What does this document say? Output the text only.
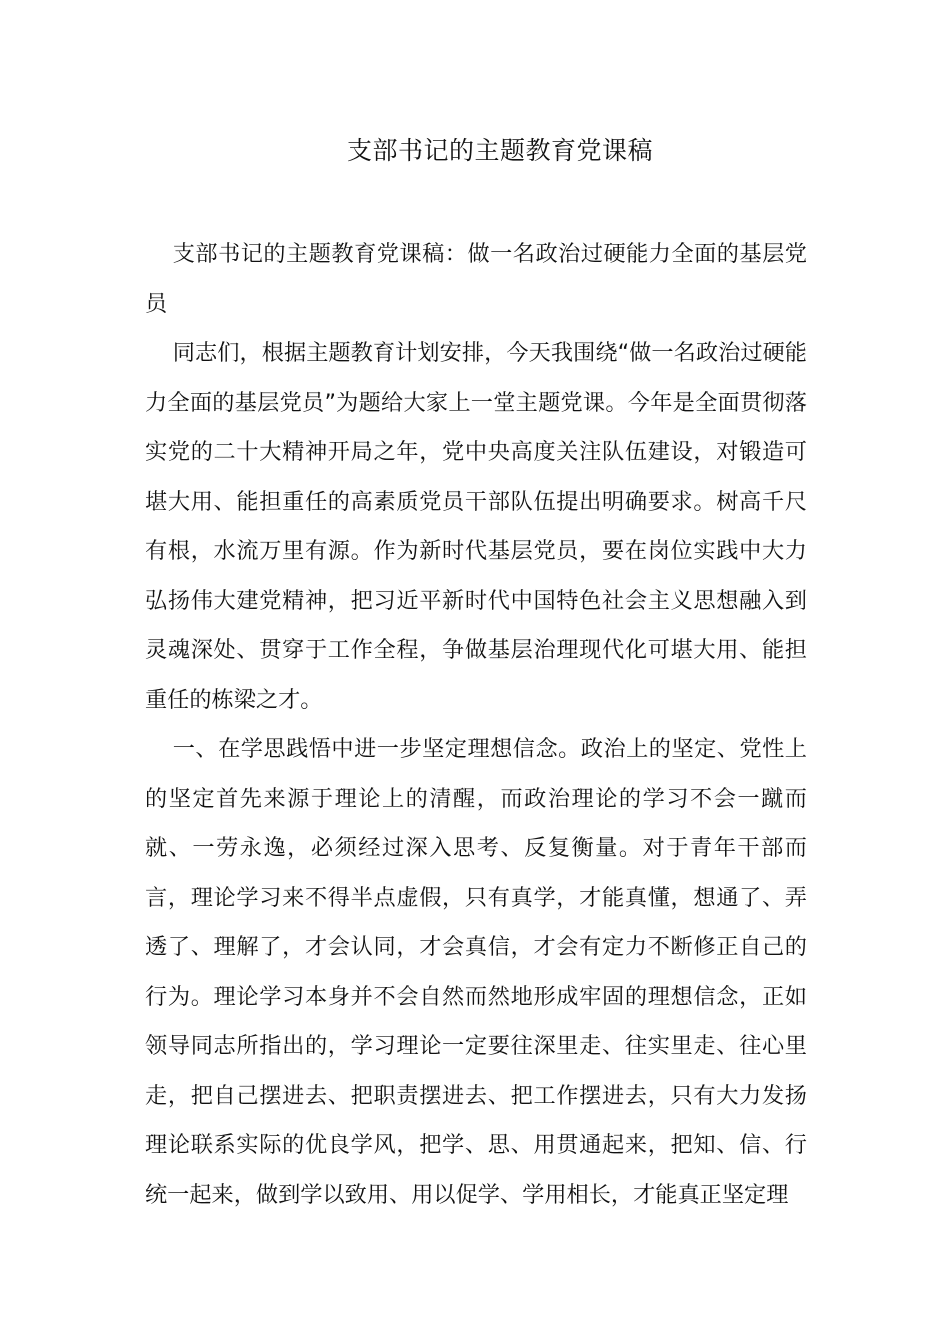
支部书记的主题教育党课稿

支部书记的主题教育党课稿：做一名政治过硬能力全面的基层党员

同志们，根据主题教育计划安排，今天我围绕“做一名政治过硬能力全面的基层党员”为题给大家上一堂主题党课。今年是全面贯彻落实党的二十大精神开局之年，党中央高度关注队伍建设，对锻造可堪大用、能担重任的高素质党员干部队伍提出明确要求。树高千尺有根，水流万里有源。作为新时代基层党员，要在岗位实践中大力弘扬伟大建党精神，把习近平新时代中国特色社会主义思想融入到灵魂深处、贯穿于工作全程，争做基层治理现代化可堪大用、能担重任的栋梁之才。

一、在学思践悟中进一步坚定理想信念。政治上的坚定、党性上的坚定首先来源于理论上的清醒，而政治理论的学习不会一蹴而就、一劳永逸，必须经过深入思考、反复衡量。对于青年干部而言，理论学习来不得半点虚假，只有真学，才能真懂，想通了、弄透了、理解了，才会认同，才会真信，才会有定力不断修正自己的行为。理论学习本身并不会自然而然地形成牢固的理想信念，正如领导同志所指出的，学习理论一定要往深里走、往实里走、往心里走，把自己摆进去、把职责摆进去、把工作摆进去，只有大力发扬理论联系实际的优良学风，把学、思、用贯通起来，把知、信、行统一起来，做到学以致用、用以促学、学用相长，才能真正坚定理
